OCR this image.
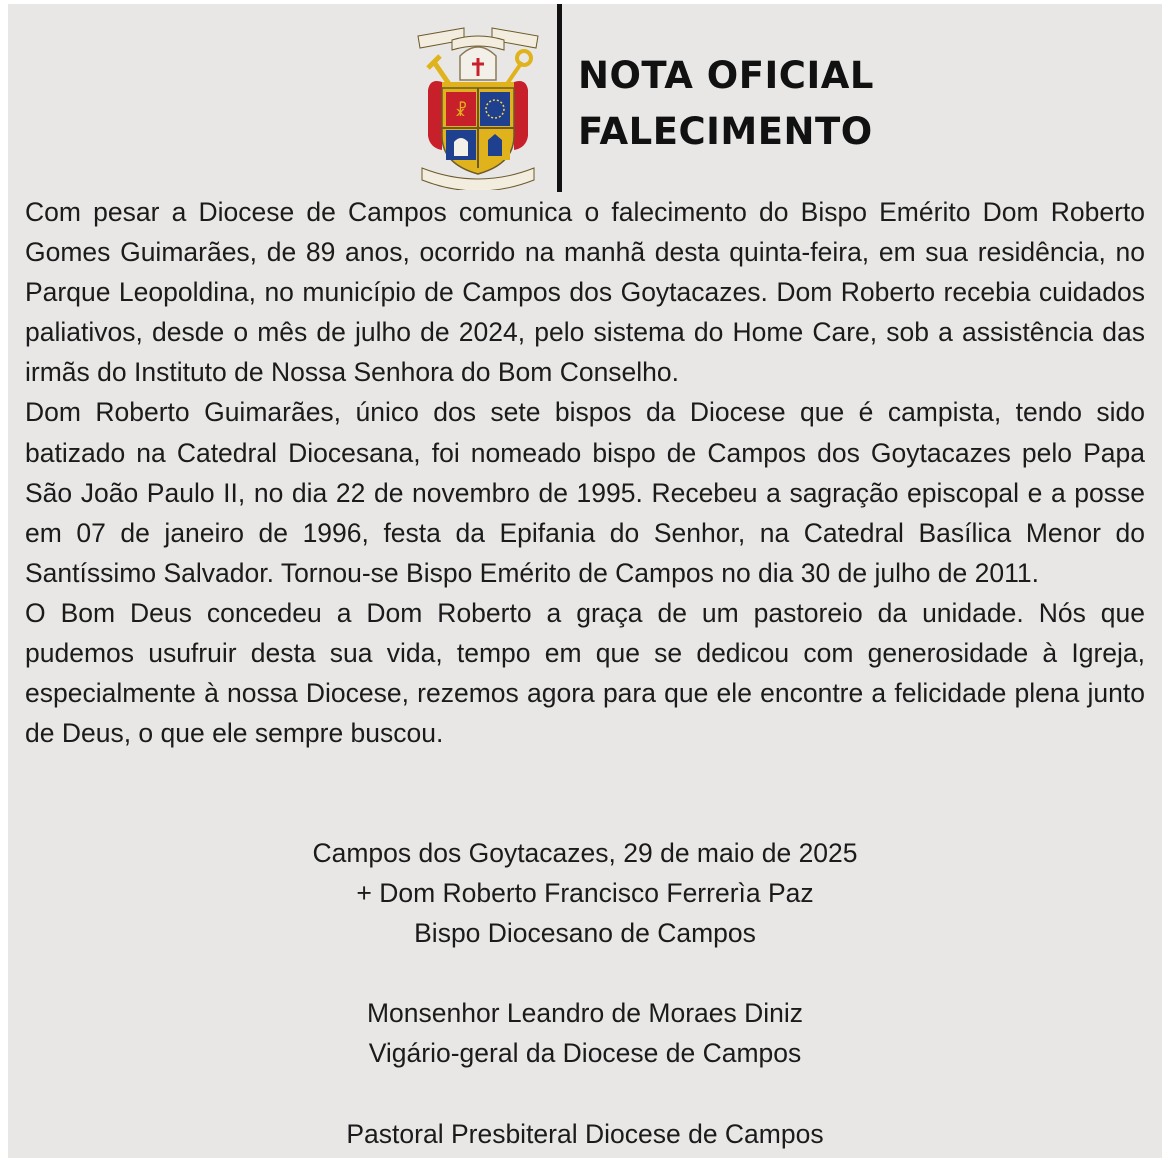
☧
NOTA OFICIAL
FALECIMENTO

Com pesar a Diocese de Campos comunica o falecimento do Bispo Emérito Dom Roberto Gomes Guimarães, de 89 anos, ocorrido na manhã desta quinta-feira, em sua residência, no Parque Leopoldina, no município de Campos dos Goytacazes. Dom Roberto recebia cuidados paliativos, desde o mês de julho de 2024, pelo sistema do Home Care, sob a assistência das irmãs do Instituto de Nossa Senhora do Bom Conselho.

Dom Roberto Guimarães, único dos sete bispos da Diocese que é campista, tendo sido batizado na Catedral Diocesana, foi nomeado bispo de Campos dos Goytacazes pelo Papa São João Paulo II, no dia 22 de novembro de 1995. Recebeu a sagração episcopal e a posse em 07 de janeiro de 1996, festa da Epifania do Senhor, na Catedral Basílica Menor do Santíssimo Salvador. Tornou-se Bispo Emérito de Campos no dia 30 de julho de 2011.

O Bom Deus concedeu a Dom Roberto a graça de um pastoreio da unidade. Nós que pudemos usufruir desta sua vida, tempo em que se dedicou com generosidade à Igreja, especialmente à nossa Diocese, rezemos agora para que ele encontre a felicidade plena junto de Deus, o que ele sempre buscou.

Campos dos Goytacazes, 29 de maio de 2025
+ Dom Roberto Francisco Ferrerìa Paz
Bispo Diocesano de Campos
Monsenhor Leandro de Moraes Diniz
Vigário-geral da Diocese de Campos
Pastoral Presbiteral Diocese de Campos
